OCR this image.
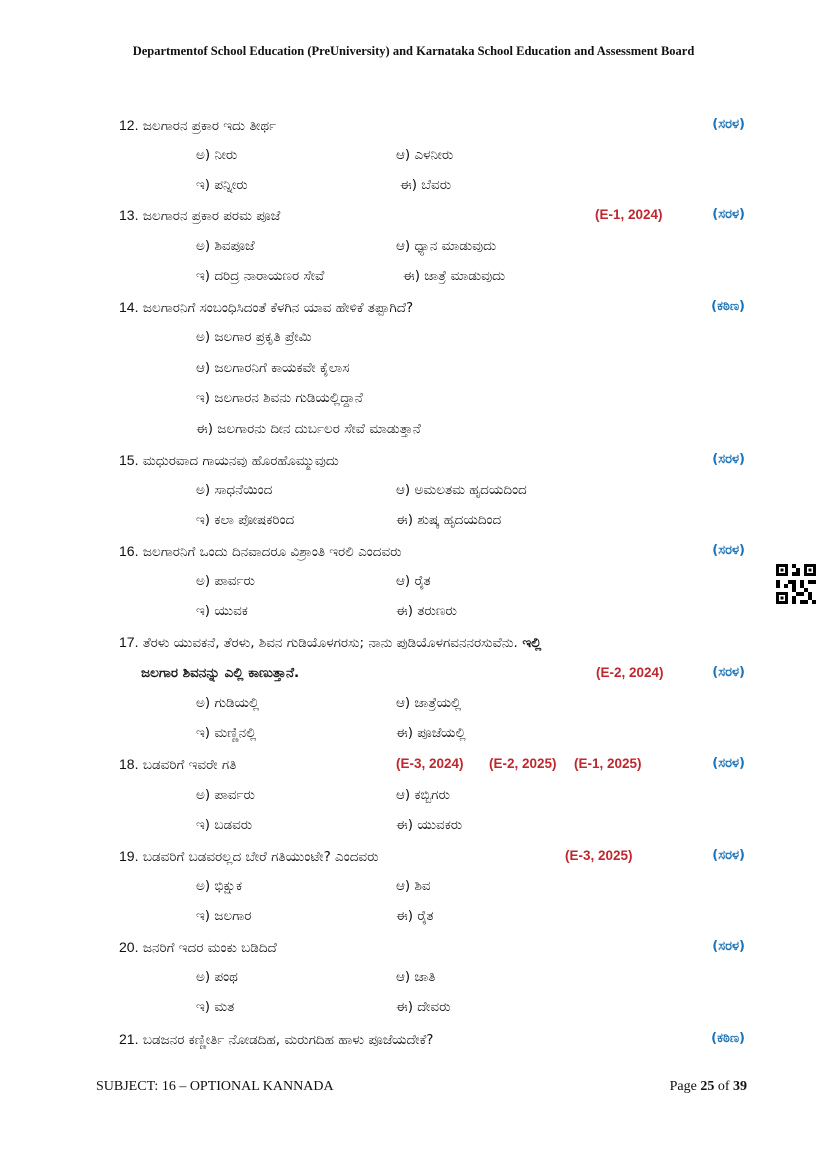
Departmentof School Education (PreUniversity) and Karnataka School Education and Assessment Board
12. ಜಲಗಾರನ ಪ್ರಕಾರ ಇದು ತೀರ್ಥ	(ಸರಳ)
ಅ) ನೀರು	ಆ) ಎಳನೀರು
ಇ) ಪನ್ನೀರು	ಈ) ಬೆವರು
13. ಜಲಗಾರನ ಪ್ರಕಾರ ಪರಮ ಪೂಜೆ	(E-1, 2024)	(ಸರಳ)
ಅ) ಶಿವಪೂಜೆ	ಆ) ಧ್ಯಾನ ಮಾಡುವುದು
ಇ) ದರಿದ್ರ ನಾರಾಯಣರ ಸೇವೆ	ಈ) ಜಾತ್ರೆ ಮಾಡುವುದು
14. ಜಲಗಾರನಿಗೆ ಸಂಬಂಧಿಸಿದಂತೆ ಕೆಳಗಿನ ಯಾವ ಹೇಳಿಕೆ ತಪ್ಪಾಗಿದೆ?	(ಕಠಿಣ)
ಅ) ಜಲಗಾರ ಪ್ರಕೃತಿ ಪ್ರೇಮಿ
ಆ) ಜಲಗಾರನಿಗೆ ಕಾಯಕವೇ ಕೈಲಾಸ
ಇ) ಜಲಗಾರನ ಶಿವನು ಗುಡಿಯಲ್ಲಿದ್ದಾನೆ
ಈ) ಜಲಗಾರನು ದೀನ ದುರ್ಬಲರ ಸೇವೆ ಮಾಡುತ್ತಾನೆ
15. ಮಧುರವಾದ ಗಾಯನವು ಹೊರಹೊಮ್ಮುವುದು	(ಸರಳ)
ಅ) ಸಾಧನೆಯಿಂದ	ಆ) ಅಮಲತಮ ಹೃದಯದಿಂದ
ಇ) ಕಲಾ ಪೋಷಕರಿಂದ	ಈ) ಶುಷ್ಕ ಹೃದಯದಿಂದ
16. ಜಲಗಾರನಿಗೆ ಒಂದು ದಿನವಾದರೂ ವಿಶ್ರಾಂತಿ ಇರಲಿ ಎಂದವರು	(ಸರಳ)
ಅ) ಪಾರ್ವರು	ಆ) ರೈತ
ಇ) ಯುವಕ	ಈ) ತರುಣರು
17. ತೆರಳು ಯುವಕನೆ, ತೆರಳು, ಶಿವನ ಗುಡಿಯೊಳಗರಸು; ನಾನು ಪುಡಿಯೊಳಗವನನರಸುವೆನು. ಇಲ್ಲಿ
ಜಲಗಾರ ಶಿವನನ್ನು ಎಲ್ಲಿ ಕಾಣುತ್ತಾನೆ.	(E-2, 2024)	(ಸರಳ)
ಅ) ಗುಡಿಯಲ್ಲಿ	ಆ) ಜಾತ್ರೆಯಲ್ಲಿ
ಇ) ಮಣ್ಣಿನಲ್ಲಿ	ಈ) ಪೂಜೆಯಲ್ಲಿ
18. ಬಡವರಿಗೆ ಇವರೇ ಗತಿ	(E-3, 2024) (E-2, 2025) (E-1, 2025)	(ಸರಳ)
ಅ) ಪಾರ್ವರು	ಆ) ಕಬ್ಬಿಗರು
ಇ) ಬಡವರು	ಈ) ಯುವಕರು
19. ಬಡವರಿಗೆ ಬಡವರಲ್ಲದ ಬೇರೆ ಗತಿಯುಂಟೇ? ಎಂದವರು	(E-3, 2025)	(ಸರಳ)
ಅ) ಭಿಕ್ಷುಕ	ಆ) ಶಿವ
ಇ) ಜಲಗಾರ	ಈ) ರೈತ
20. ಜನರಿಗೆ ಇದರ ಮಂಕು ಬಡಿದಿದೆ	(ಸರಳ)
ಅ) ಪಂಥ	ಆ) ಜಾತಿ
ಇ) ಮತ	ಈ) ದೇವರು
21. ಬಡಜನರ ಕಣ್ಣೀರ್ತಿ ನೋಡದಿಹ, ಮರುಗದಿಹ ಹಾಳು ಪೂಜೆಯದೇಕೆ?	(ಕಠಿಣ)
SUBJECT: 16 – OPTIONAL KANNADA	Page 25 of 39
